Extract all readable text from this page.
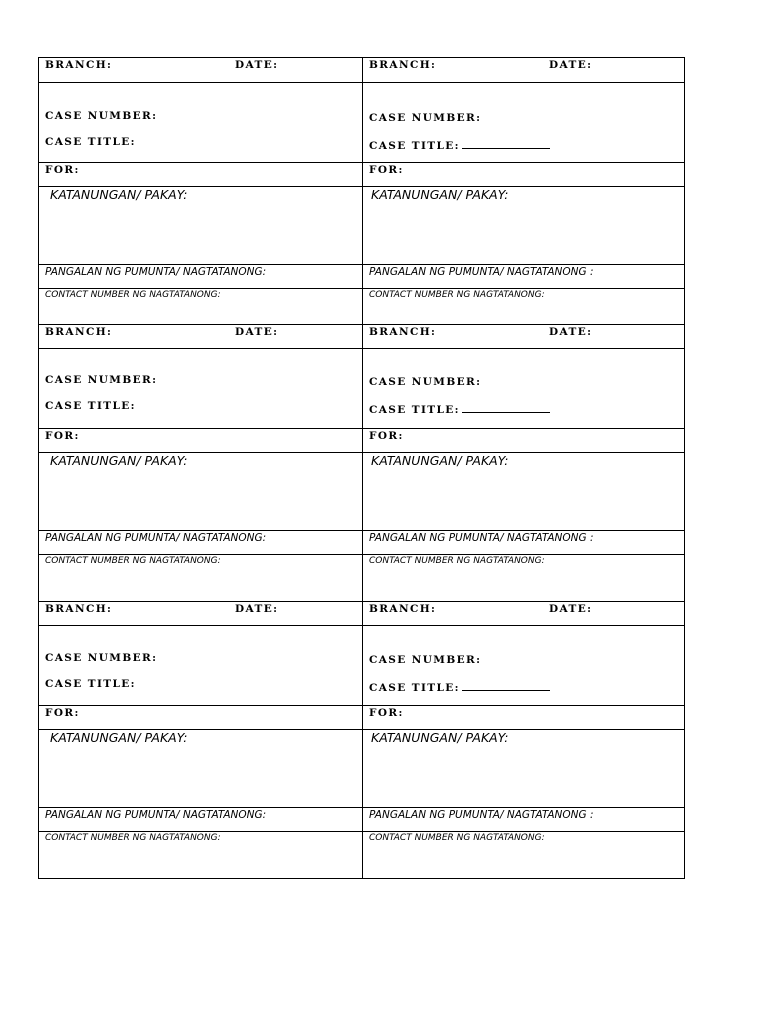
BRANCH:	DATE:
CASE NUMBER:
CASE TITLE:
FOR:
KATANUNGAN/ PAKAY:
PANGALAN NG PUMUNTA/ NAGTATANONG:
CONTACT NUMBER NG NAGTATANONG:
BRANCH:	DATE:
CASE NUMBER:
CASE TITLE:
FOR:
KATANUNGAN/ PAKAY:
PANGALAN NG PUMUNTA/ NAGTATANONG:
CONTACT NUMBER NG NAGTATANONG:
BRANCH:	DATE:
CASE NUMBER:
CASE TITLE:
FOR:
KATANUNGAN/ PAKAY:
PANGALAN NG PUMUNTA/ NAGTATANONG:
CONTACT NUMBER NG NAGTATANONG:
BRANCH:	DATE:
CASE NUMBER:
CASE TITLE:
FOR:
KATANUNGAN/ PAKAY:
PANGALAN NG PUMUNTA/ NAGTATANONG :
CONTACT NUMBER NG NAGTATANONG:
BRANCH:	DATE:
CASE NUMBER:
CASE TITLE:
FOR:
KATANUNGAN/ PAKAY:
PANGALAN NG PUMUNTA/ NAGTATANONG :
CONTACT NUMBER NG NAGTATANONG:
BRANCH:	DATE:
CASE NUMBER:
CASE TITLE:
FOR:
KATANUNGAN/ PAKAY:
PANGALAN NG PUMUNTA/ NAGTATANONG :
CONTACT NUMBER NG NAGTATANONG:
